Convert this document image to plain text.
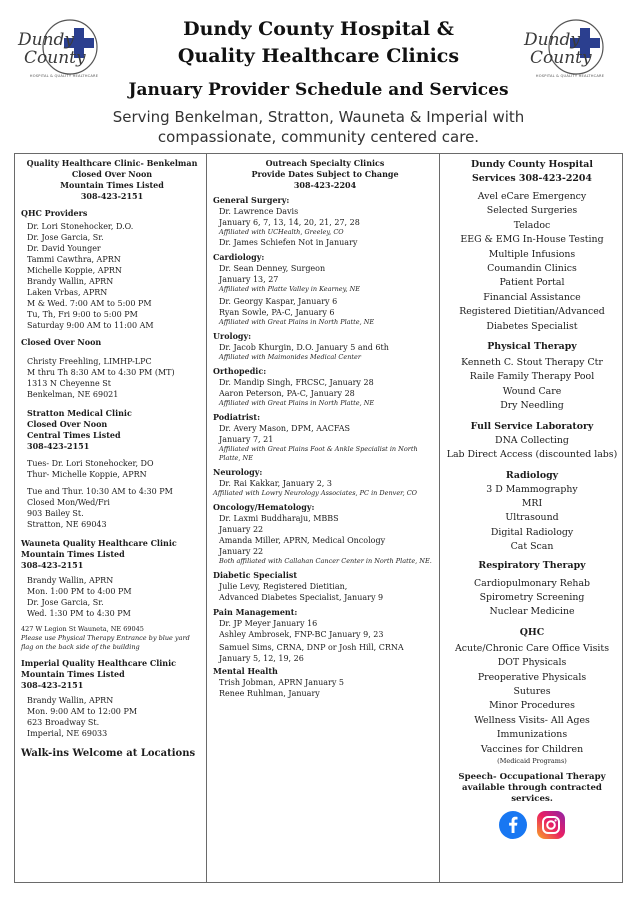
Dundy
County
HOSPITAL & QUALITY HEALTHCARE
Dundy
County
HOSPITAL & QUALITY HEALTHCARE
Dundy County Hospital &
Quality Healthcare Clinics
January Provider Schedule and Services
Serving Benkelman, Stratton, Wauneta & Imperial with
compassionate, community centered care.
Quality Healthcare Clinic- Benkelman
Closed Over Noon
Mountain Times Listed
308-423-2151
QHC Providers
Dr. Lori Stonehocker, D.O.
Dr. Jose Garcia, Sr.
Dr. David Younger
Tammi Cawthra, APRN
Michelle Koppie, APRN
Brandy Wallin, APRN
Laken Vrbas, APRN
M & Wed. 7:00 AM to 5:00 PM
Tu, Th, Fri 9:00 to 5:00 PM
Saturday 9:00 AM to 11:00 AM
Closed Over Noon
Christy Freehling, LIMHP-LPC
M thru Th 8:30 AM to 4:30 PM (MT)
1313 N Cheyenne St
Benkelman, NE 69021
Stratton Medical Clinic
Closed Over Noon
Central Times Listed
308-423-2151
Tues- Dr. Lori Stonehocker, DO
Thur- Michelle Koppie, APRN
Tue and Thur. 10:30 AM to 4:30 PM
Closed Mon/Wed/Fri
903 Bailey St.
Stratton, NE 69043
Wauneta Quality Healthcare Clinic
Mountain Times Listed
308-423-2151
Brandy Wallin, APRN
Mon. 1:00 PM to 4:00 PM
Dr. Jose Garcia, Sr.
Wed. 1:30 PM to 4:30 PM
427 W Legion St Wauneta, NE 69045
Please use Physical Therapy Entrance by blue yard flag on the back side of the building
Imperial Quality Healthcare Clinic
Mountain Times Listed
308-423-2151
Brandy Wallin, APRN
Mon. 9:00 AM to 12:00 PM
623 Broadway St.
Imperial, NE 69033
Walk-ins Welcome at Locations
Outreach Specialty Clinics
Provide Dates Subject to Change
308-423-2204
General Surgery:
Dr. Lawrence Davis
January 6, 7, 13, 14, 20, 21, 27, 28
Affiliated with UCHealth, Greeley, CO
Dr. James Schiefen Not in January
Cardiology:
Dr. Sean Denney, Surgeon
January 13, 27
Affiliated with Platte Valley in Kearney, NE
Dr. Georgy Kaspar, January 6
Ryan Sowle, PA-C, January 6
Affiliated with Great Plains in North Platte, NE
Urology:
Dr. Jacob Khurgin, D.O. January 5 and 6th
Affiliated with Maimonides Medical Center
Orthopedic:
Dr. Mandip Singh, FRCSC, January 28
Aaron Peterson, PA-C, January 28
Affiliated with Great Plains in North Platte, NE
Podiatrist:
Dr. Avery Mason, DPM, AACFAS
January 7, 21
Affiliated with Great Plains Foot & Ankle Specialist in North Platte, NE
Neurology:
Dr. Rai Kakkar, January 2, 3
Affiliated with Lowry Neurology Associates, PC in Denver, CO
Oncology/Hematology:
Dr. Laxmi Buddharaju, MBBS
January 22
Amanda Miller, APRN, Medical Oncology
January 22
Both affiliated with Callahan Cancer Center in North Platte, NE.
Diabetic Specialist
Julie Levy, Registered Dietitian,
Advanced Diabetes Specialist, January 9
Pain Management:
Dr. JP Meyer January 16
Ashley Ambrosek, FNP-BC January 9, 23
Samuel Sims, CRNA, DNP or Josh Hill, CRNA
January 5, 12, 19, 26
Mental Health
Trish Jobman, APRN January 5
Renee Ruhlman, January
Dundy County Hospital
Services 308-423-2204
Avel eCare Emergency
Selected Surgeries
Teladoc
EEG & EMG In-House Testing
Multiple Infusions
Coumandin Clinics
Patient Portal
Financial Assistance
Registered Dietitian/Advanced
Diabetes Specialist
Physical Therapy
Kenneth C. Stout Therapy Ctr
Raile Family Therapy Pool
Wound Care
Dry Needling
Full Service Laboratory
DNA Collecting
Lab Direct Access (discounted labs)
Radiology
3 D Mammography
MRI
Ultrasound
Digital Radiology
Cat Scan
Respiratory Therapy
Cardiopulmonary Rehab
Spirometry Screening
Nuclear Medicine
QHC
Acute/Chronic Care Office Visits
DOT Physicals
Preoperative Physicals
Sutures
Minor Procedures
Wellness Visits- All Ages
Immunizations
Vaccines for Children
(Medicaid Programs)
Speech- Occupational Therapy available through contracted services.
